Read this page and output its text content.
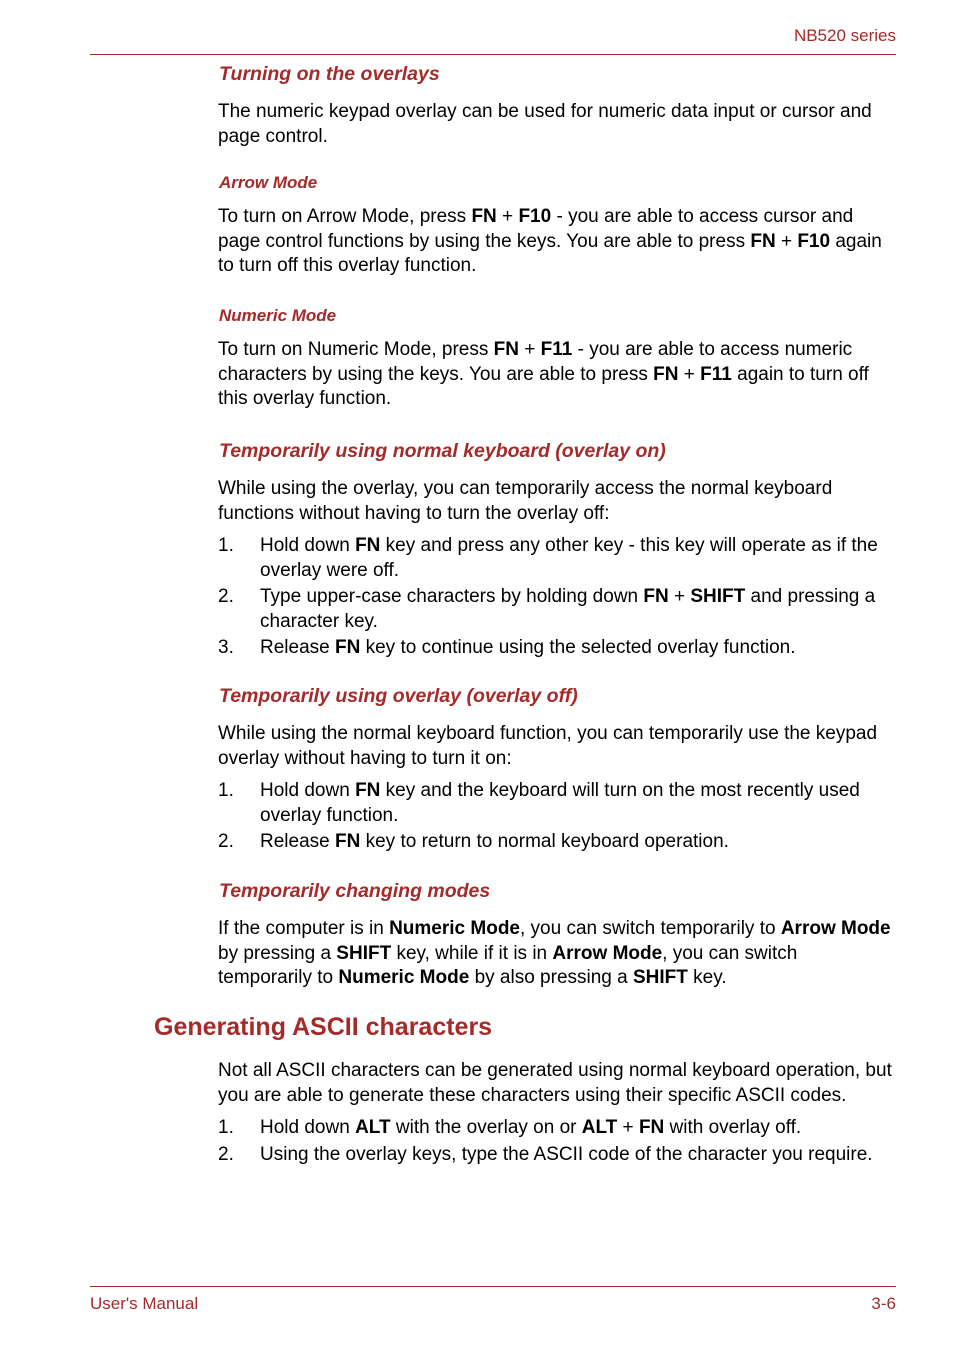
NB520 series
Turning on the overlays

The numeric keypad overlay can be used for numeric data input or cursor and page control.

Arrow Mode

To turn on Arrow Mode, press FN + F10 - you are able to access cursor and page control functions by using the keys. You are able to press FN + F10 again to turn off this overlay function.

Numeric Mode

To turn on Numeric Mode, press FN + F11 - you are able to access numeric characters by using the keys. You are able to press FN + F11 again to turn off this overlay function.

Temporarily using normal keyboard (overlay on)

While using the overlay, you can temporarily access the normal keyboard functions without having to turn the overlay off:

1. Hold down FN key and press any other key - this key will operate as if the overlay were off.
2. Type upper-case characters by holding down FN + SHIFT and pressing a character key.
3. Release FN key to continue using the selected overlay function.
Temporarily using overlay (overlay off)

While using the normal keyboard function, you can temporarily use the keypad overlay without having to turn it on:

1. Hold down FN key and the keyboard will turn on the most recently used overlay function.
2. Release FN key to return to normal keyboard operation.
Temporarily changing modes

If the computer is in Numeric Mode, you can switch temporarily to Arrow Mode by pressing a SHIFT key, while if it is in Arrow Mode, you can switch temporarily to Numeric Mode by also pressing a SHIFT key.

Generating ASCII characters

Not all ASCII characters can be generated using normal keyboard operation, but you are able to generate these characters using their specific ASCII codes.

1. Hold down ALT with the overlay on or ALT + FN with overlay off.
2. Using the overlay keys, type the ASCII code of the character you require.
User's Manual	3-6
